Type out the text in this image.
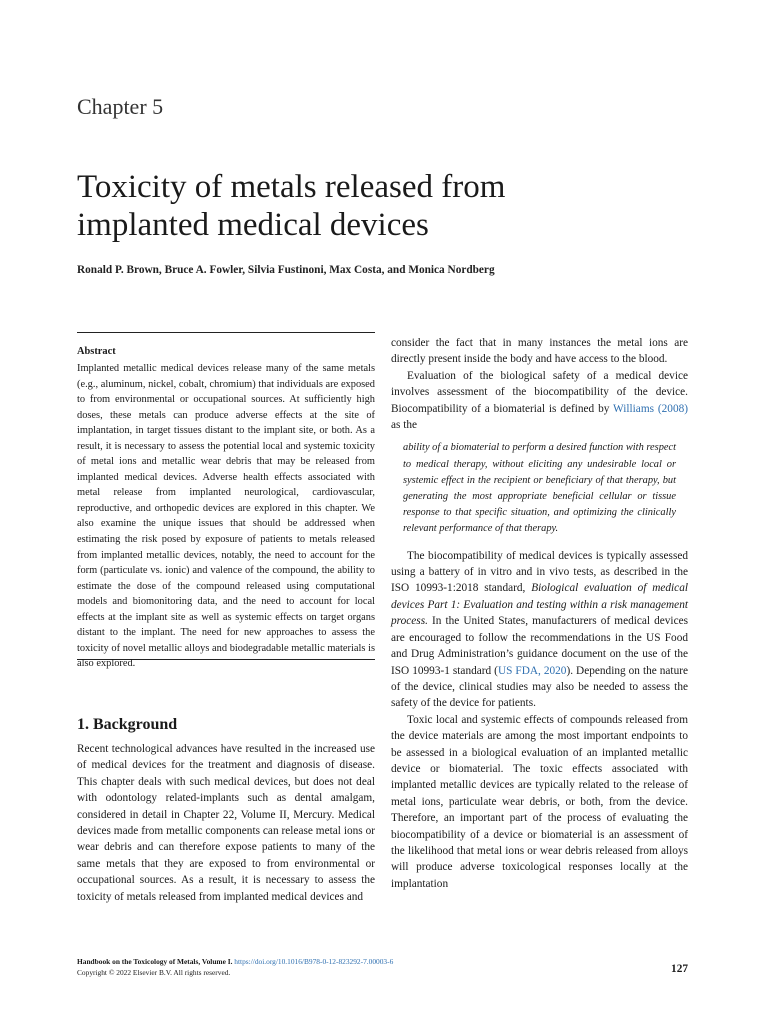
Chapter 5
Toxicity of metals released from implanted medical devices
Ronald P. Brown, Bruce A. Fowler, Silvia Fustinoni, Max Costa, and Monica Nordberg
Abstract
Implanted metallic medical devices release many of the same metals (e.g., aluminum, nickel, cobalt, chromium) that individuals are exposed to from environmental or occupational sources. At sufficiently high doses, these metals can produce adverse effects at the site of implantation, in target tissues distant to the implant site, or both. As a result, it is necessary to assess the potential local and systemic toxicity of metal ions and metallic wear debris that may be released from implanted medical devices. Adverse health effects associated with metal release from implanted neurological, cardiovascular, reproductive, and orthopedic devices are explored in this chapter. We also examine the unique issues that should be addressed when estimating the risk posed by exposure of patients to metals released from implanted metallic devices, notably, the need to account for the form (particulate vs. ionic) and valence of the compound, the ability to estimate the dose of the compound released using computational models and biomonitoring data, and the need to account for local effects at the implant site as well as systemic effects on target organs distant to the implant. The need for new approaches to assess the toxicity of novel metallic alloys and biodegradable metallic materials is also explored.
1. Background

Recent technological advances have resulted in the increased use of medical devices for the treatment and diagnosis of disease. This chapter deals with such medical devices, but does not deal with odontology related-implants such as dental amalgam, considered in detail in Chapter 22, Volume II, Mercury. Medical devices made from metallic components can release metal ions or wear debris and can therefore expose patients to many of the same metals that they are exposed to from environmental or occupational sources. As a result, it is necessary to assess the toxicity of metals released from implanted medical devices and

consider the fact that in many instances the metal ions are directly present inside the body and have access to the blood.

Evaluation of the biological safety of a medical device involves assessment of the biocompatibility of the device. Biocompatibility of a biomaterial is defined by Williams (2008) as the

ability of a biomaterial to perform a desired function with respect to medical therapy, without eliciting any undesirable local or systemic effect in the recipient or beneficiary of that therapy, but generating the most appropriate beneficial cellular or tissue response to that specific situation, and optimizing the clinically relevant performance of that therapy.

The biocompatibility of medical devices is typically assessed using a battery of in vitro and in vivo tests, as described in the ISO 10993-1:2018 standard, Biological evaluation of medical devices Part 1: Evaluation and testing within a risk management process. In the United States, manufacturers of medical devices are encouraged to follow the recommendations in the US Food and Drug Administration’s guidance document on the use of the ISO 10993-1 standard (US FDA, 2020). Depending on the nature of the device, clinical studies may also be needed to assess the safety of the device for patients.

Toxic local and systemic effects of compounds released from the device materials are among the most important endpoints to be assessed in a biological evaluation of an implanted metallic device or biomaterial. The toxic effects associated with implanted metallic devices are typically related to the release of metal ions, particulate wear debris, or both, from the device. Therefore, an important part of the process of evaluating the biocompatibility of a device or biomaterial is an assessment of the likelihood that metal ions or wear debris released from alloys will produce adverse toxicological responses locally at the implantation

Handbook on the Toxicology of Metals, Volume I. https://doi.org/10.1016/B978-0-12-823292-7.00003-6
Copyright © 2022 Elsevier B.V. All rights reserved.	127
